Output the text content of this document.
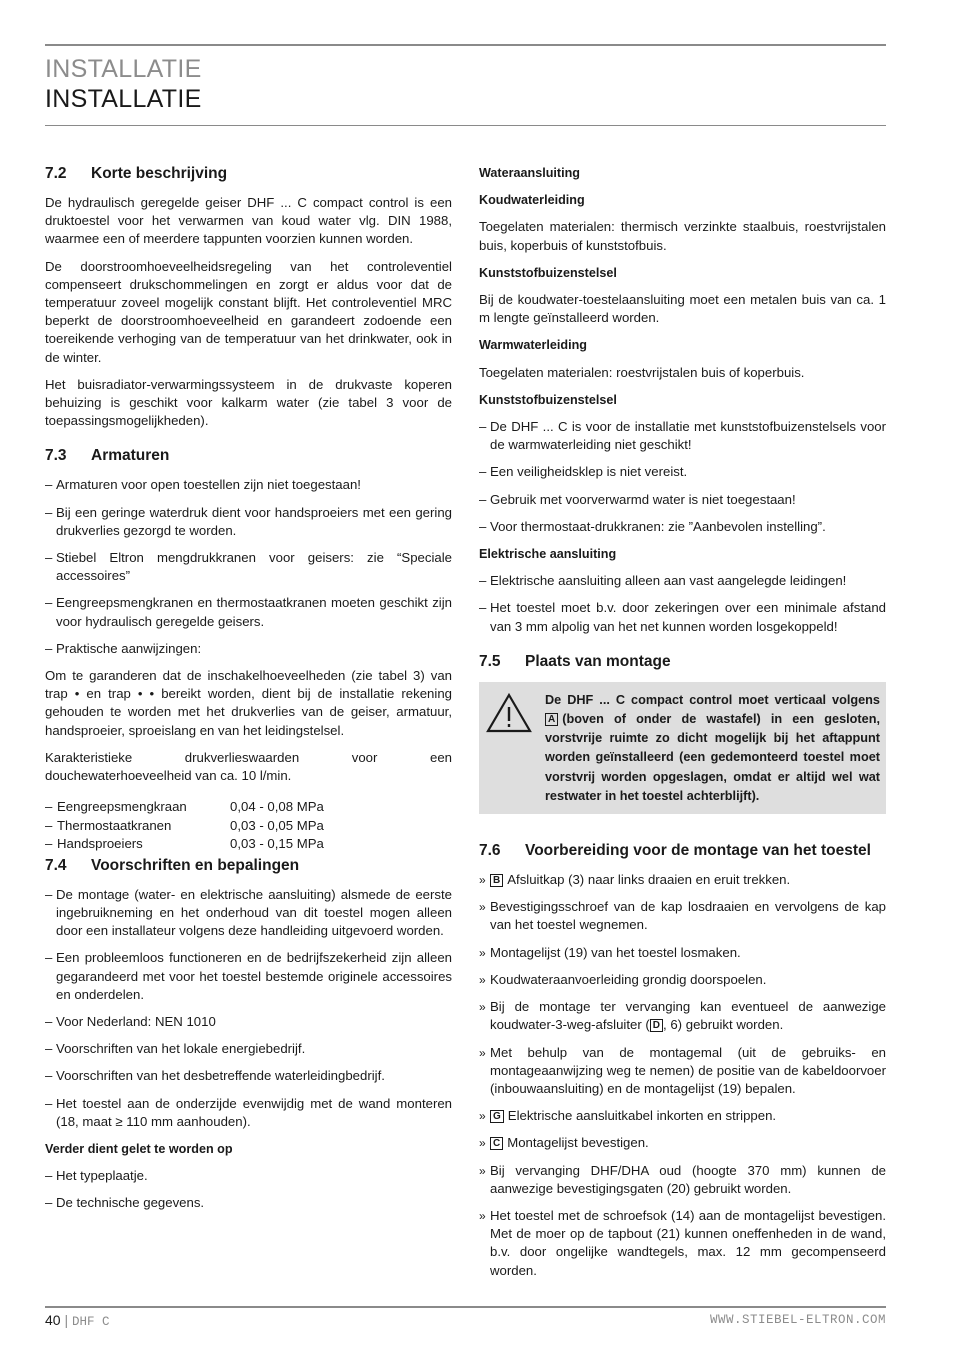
INSTALLATIE
INSTALLATIE
7.2 Korte beschrijving

De hydraulisch geregelde geiser DHF ... C compact control is een druktoestel voor het verwarmen van koud water vlg. DIN 1988, waarmee een of meerdere tappunten voorzien kunnen worden.

De doorstroomhoeveelheidsregeling van het controleventiel compenseert drukschommelingen en zorgt er aldus voor dat de temperatuur zoveel mogelijk constant blijft. Het controleventiel MRC beperkt de doorstroomhoeveelheid en garandeert zodoende een toereikende verhoging van de temperatuur van het drinkwater, ook in de winter.

Het buisradiator-verwarmingssysteem in de drukvaste koperen behuizing is geschikt voor kalkarm water (zie tabel 3 voor de toepassingsmogelijkheden).

7.3 Armaturen
– Armaturen voor open toestellen zijn niet toegestaan!
– Bij een geringe waterdruk dient voor handsproeiers met een gering drukverlies gezorgd te worden.
– Stiebel Eltron mengdrukkranen voor geisers: zie “Speciale accessoires”
– Eengreepsmengkranen en thermostaatkranen moeten geschikt zijn voor hydraulisch geregelde geisers.
– Praktische aanwijzingen:

Om te garanderen dat de inschakelhoeveelheden (zie tabel 3) van trap • en trap • • bereikt worden, dient bij de installatie rekening gehouden te worden met het drukverlies van de geiser, armatuur, handsproeier, sproeislang en van het leidingstelsel.

Karakteristieke drukverlieswaarden voor een douchewaterhoeveelheid van ca. 10 l/min.

– Eengreepsmengkraan	0,04 - 0,08 MPa
– Thermostaatkranen	0,03 - 0,05 MPa
– Handsproeiers	0,03 - 0,15 MPa
7.4 Voorschriften en bepalingen
– De montage (water- en elektrische aansluiting) alsmede de eerste ingebruikneming en het onderhoud van dit toestel mogen alleen door een installateur volgens deze handleiding uitgevoerd worden.
– Een probleemloos functioneren en de bedrijfszekerheid zijn alleen gegarandeerd met voor het toestel bestemde originele accessoires en onderdelen.
– Voor Nederland: NEN 1010
– Voorschriften van het lokale energiebedrijf.
– Voorschriften van het desbetreffende waterleidingbedrijf.
– Het toestel aan de onderzijde evenwijdig met de wand monteren (18, maat ≥ 110 mm aanhouden).
Verder dient gelet te worden op
– Het typeplaatje.
– De technische gegevens.
Wateraansluiting
Koudwaterleiding

Toegelaten materialen: thermisch verzinkte staalbuis, roestvrijstalen buis, koperbuis of kunststofbuis.

Kunststofbuizenstelsel

Bij de koudwater-toestelaansluiting moet een metalen buis van ca. 1 m lengte geïnstalleerd worden.

Warmwaterleiding

Toegelaten materialen: roestvrijstalen buis of koperbuis.

Kunststofbuizenstelsel
– De DHF ... C is voor de installatie met kunststofbuizenstelsels voor de warmwaterleiding niet geschikt!
– Een veiligheidsklep is niet vereist.
– Gebruik met voorverwarmd water is niet toegestaan!
– Voor thermostaat-drukkranen: zie ”Aanbevolen instelling”.
Elektrische aansluiting
– Elektrische aansluiting alleen aan vast aangelegde leidingen!
– Het toestel moet b.v. door zekeringen over een minimale afstand van 3 mm alpolig van het net kunnen worden losgekoppeld!
7.5 Plaats van montage
De DHF ... C compact control moet verticaal volgens A (boven of onder de wastafel) in een gesloten, vorstvrije ruimte zo dicht mogelijk bij het aftappunt worden geïnstalleerd (een gedemonteerd toestel moet vorstvrij worden opgeslagen, omdat er altijd wel wat restwater in het toestel achterblijft).
7.6 Voorbereiding voor de montage van het toestel
» B Afsluitkap (3) naar links draaien en eruit trekken.
» Bevestigingsschroef van de kap losdraaien en vervolgens de kap van het toestel wegnemen.
» Montagelijst (19) van het toestel losmaken.
» Koudwateraanvoerleiding grondig doorspoelen.
» Bij de montage ter vervanging kan eventueel de aanwezige koudwater-3-weg-afsluiter ( D , 6) gebruikt worden.
» Met behulp van de montagemal (uit de gebruiks- en montageaanwijzing weg te nemen) de positie van de kabeldoorvoer (inbouwaansluiting) en de montagelijst (19) bepalen.
» G Elektrische aansluitkabel inkorten en strippen.
» C Montagelijst bevestigen.
» Bij vervanging DHF/DHA oud (hoogte 370 mm) kunnen de aanwezige bevestigingsgaten (20) gebruikt worden.
» Het toestel met de schroefsok (14) aan de montagelijst bevestigen. Met de moer op de tapbout (21) kunnen oneffenheden in de wand, b.v. door ongelijke wandtegels, max. 12 mm gecompenseerd worden.
40 | DHF C	WWW.STIEBEL-ELTRON.COM
